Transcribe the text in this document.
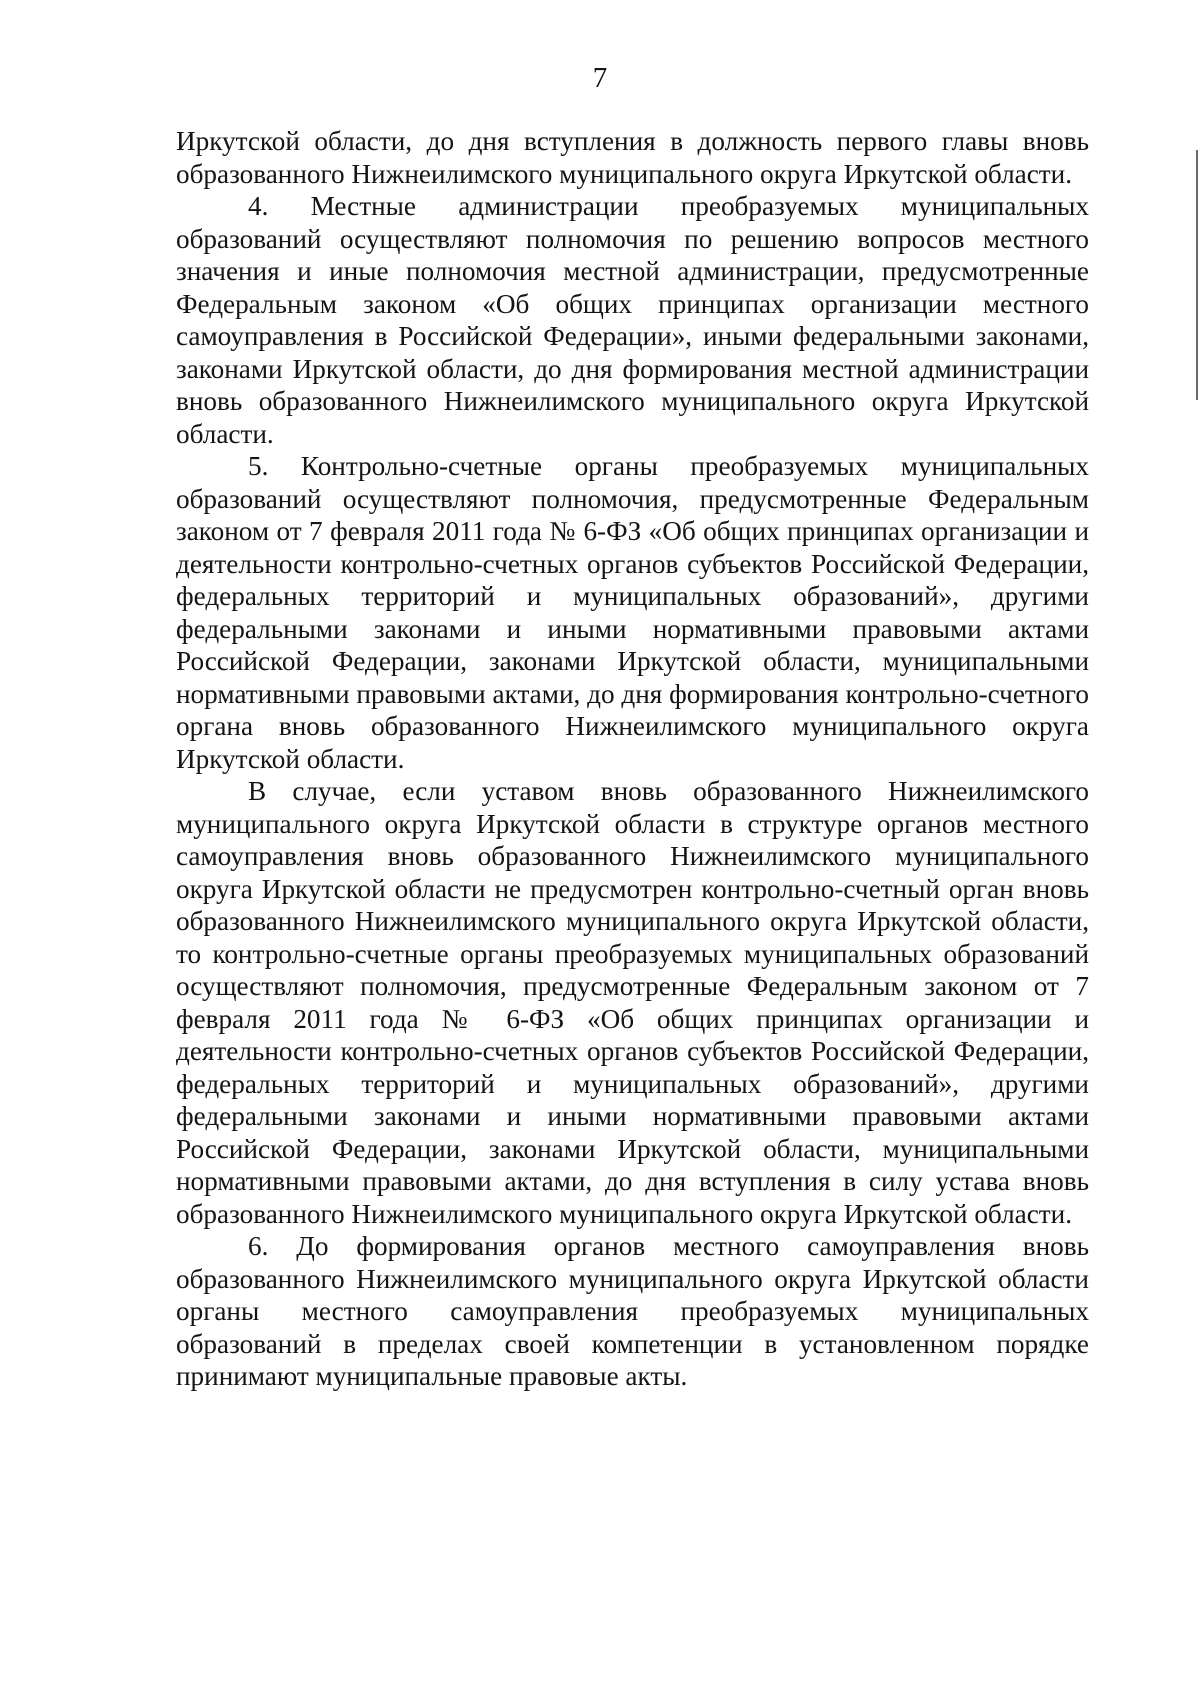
7

Иркутской области, до дня вступления в должность первого главы вновь образованного Нижнеилимского муниципального округа Иркутской области.

4. Местные администрации преобразуемых муниципальных образований осуществляют полномочия по решению вопросов местного значения и иные полномочия местной администрации, предусмотренные Федеральным законом «Об общих принципах организации местного самоуправления в Российской Федерации», иными федеральными законами, законами Иркутской области, до дня формирования местной администрации вновь образованного Нижнеилимского муниципального округа Иркутской области.

5. Контрольно-счетные органы преобразуемых муниципальных образований осуществляют полномочия, предусмотренные Федеральным законом от 7 февраля 2011 года № 6-ФЗ «Об общих принципах организации и деятельности контрольно-счетных органов субъектов Российской Федерации, федеральных территорий и муниципальных образований», другими федеральными законами и иными нормативными правовыми актами Российской Федерации, законами Иркутской области, муниципальными нормативными правовыми актами, до дня формирования контрольно-счетного органа вновь образованного Нижнеилимского муниципального округа Иркутской области.

В случае, если уставом вновь образованного Нижнеилимского муниципального округа Иркутской области в структуре органов местного самоуправления вновь образованного Нижнеилимского муниципального округа Иркутской области не предусмотрен контрольно-счетный орган вновь образованного Нижнеилимского муниципального округа Иркутской области, то контрольно-счетные органы преобразуемых муниципальных образований осуществляют полномочия, предусмотренные Федеральным законом от 7 февраля 2011 года № 6-ФЗ «Об общих принципах организации и деятельности контрольно-счетных органов субъектов Российской Федерации, федеральных территорий и муниципальных образований», другими федеральными законами и иными нормативными правовыми актами Российской Федерации, законами Иркутской области, муниципальными нормативными правовыми актами, до дня вступления в силу устава вновь образованного Нижнеилимского муниципального округа Иркутской области.

6. До формирования органов местного самоуправления вновь образованного Нижнеилимского муниципального округа Иркутской области органы местного самоуправления преобразуемых муниципальных образований в пределах своей компетенции в установленном порядке принимают муниципальные правовые акты.
